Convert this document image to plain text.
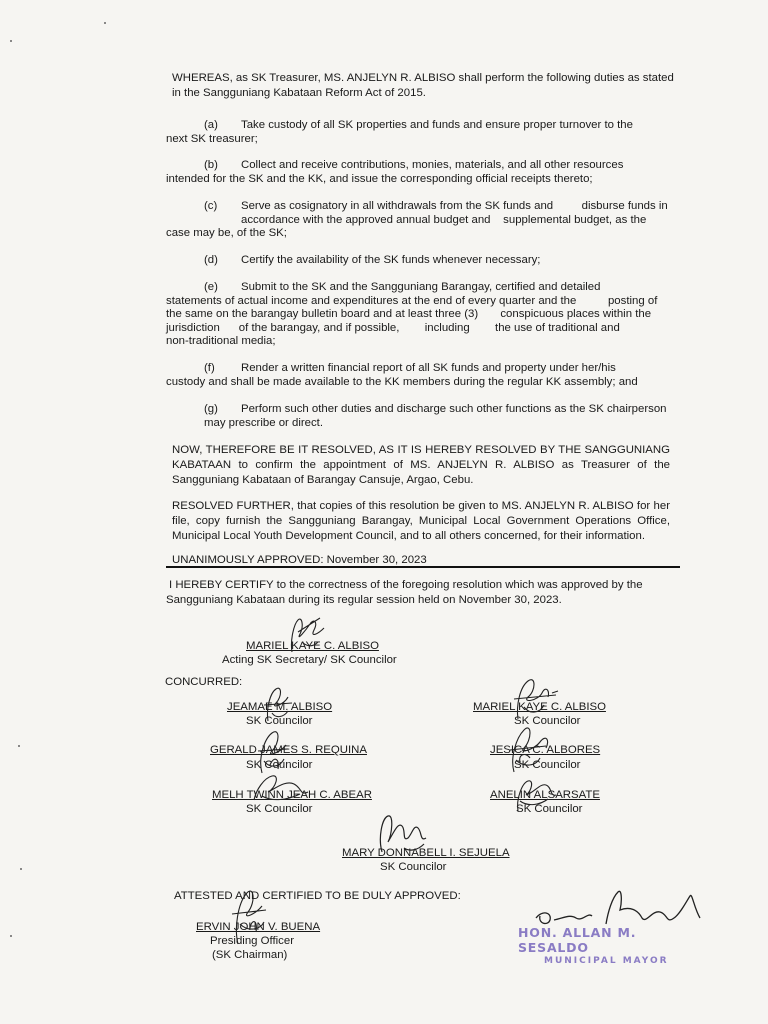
WHEREAS, as SK Treasurer, MS. ANJELYN R. ALBISO shall perform the following duties as stated
in the Sangguniang Kabataan Reform Act of 2015.
(a) Take custody of all SK properties and funds and ensure proper turnover to the
next SK treasurer;
(b) Collect and receive contributions, monies, materials, and all other resources
intended for the SK and the KK, and issue the corresponding official receipts thereto;
(c) Serve as cosignatory in all withdrawals from the SK funds and         disburse funds in
accordance with the approved annual budget and    supplemental budget, as the
case may be, of the SK;
(d) Certify the availability of the SK funds whenever necessary;
(e) Submit to the SK and the Sangguniang Barangay, certified and detailed
statements of actual income and expenditures at the end of every quarter and the          posting of
the same on the barangay bulletin board and at least three (3)       conspicuous places within the
jurisdiction      of the barangay, and if possible,        including        the use of traditional and
non-traditional media;
(f) Render a written financial report of all SK funds and property under her/his
custody and shall be made available to the KK members during the regular KK assembly; and
(g) Perform such other duties and discharge such other functions as the SK chairperson
may prescribe or direct.
NOW, THEREFORE BE IT RESOLVED, AS IT IS HEREBY RESOLVED BY THE SANGGUNIANG KABATAAN to confirm the appointment of MS. ANJELYN R. ALBISO as Treasurer of the Sangguniang Kabataan of Barangay Cansuje, Argao, Cebu.
RESOLVED FURTHER, that copies of this resolution be given to MS. ANJELYN R. ALBISO for her file, copy furnish the Sangguniang Barangay, Municipal Local Government Operations Office, Municipal Local Youth Development Council, and to all others concerned, for their information.
UNANIMOUSLY APPROVED: November 30, 2023
I HEREBY CERTIFY to the correctness of the foregoing resolution which was approved by the
Sangguniang Kabataan during its regular session held on November 30, 2023.
MARIEL KAYE C. ALBISO
Acting SK Secretary/ SK Councilor
CONCURRED:
JEAMAE M. ALBISO
SK Councilor
MARIEL KAYE C. ALBISO
SK Councilor
GERALD JAMES S. REQUINA
SK Councilor
JESICA C. ALBORES
SK Councilor
MELH TWINN JEAH C. ABEAR
SK Councilor
ANELIN ALSARSATE
SK Councilor
MARY DONNABELL I. SEJUELA
SK Councilor
ATTESTED AND CERTIFIED TO BE DULY APPROVED:
ERVIN JOHN V. BUENA
Presiding Officer
(SK Chairman)
HON. ALLAN M. SESALDO
MUNICIPAL MAYOR
